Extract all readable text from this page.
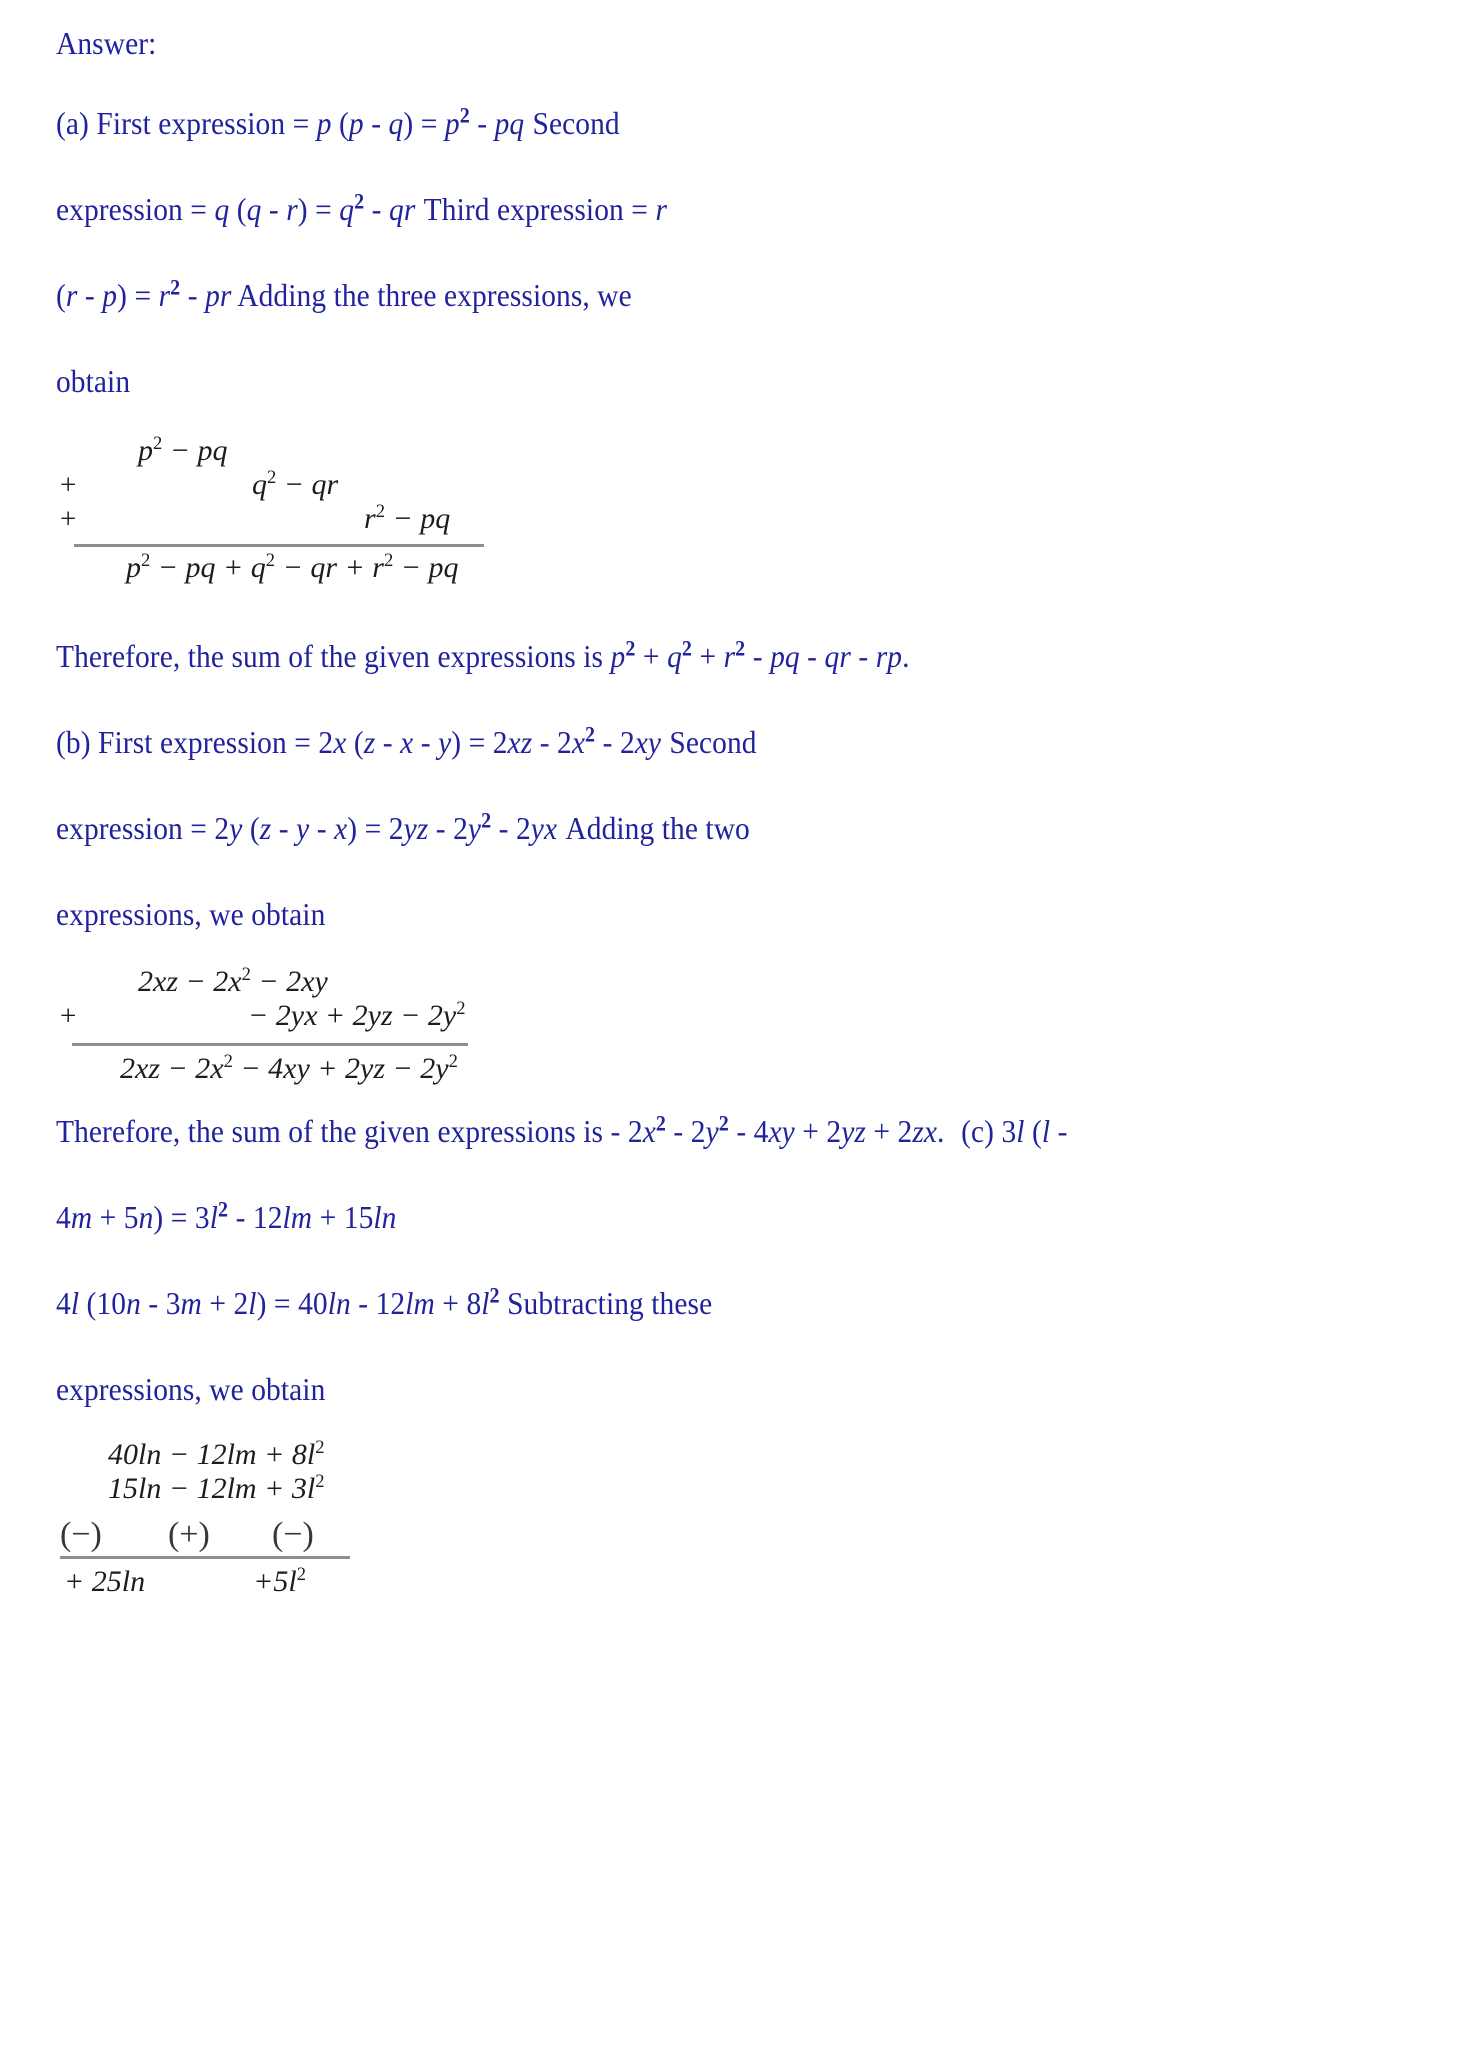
Answer:
(a) First expression = p $(p - q) = p^2$ - pq Second
expression = q $(q - r) = q^2$ - qr Third expression = r
$(r - p) = r^2$ - pr Adding the three expressions, we
obtain
$p^2$ − pq
+	$q^2$ − qr
+	$r^2$ − pq
$p^2$ − pq + $q^2$ − qr + $r^2$ − pq
Therefore, the sum of the given expressions is $p^2 + q^2 + r^2$ - pq - qr - rp.
(b) First expression = 2x $(z - x - y) = 2xz - 2x^2 - 2xy$ Second
expression = 2y $(z - y - x) = 2yz - 2y^2 - 2yx$ Adding the two
expressions, we obtain
$2xz - 2x^2 - 2xy$
+	− $2yx + 2yz - 2y^2$
$2xz - 2x^2 - 4xy + 2yz - 2y^2$
Therefore, the sum of the given expressions is - $2x^2 - 2y^2 - 4xy + 2yz + 2zx$. (c) 3l (l -
$4m + 5n) = 3l^2 - 12lm + 15\ln$
4l $(10n - 3m + 2l) = 40\ln - 12lm + 8l^2$ Subtracting these
expressions, we obtain
$40\ln - 12lm + 8l^2$
$15\ln - 12lm + 3l^2$
(−)	(+)	(−)
+ 25ln	$+5l^2$
